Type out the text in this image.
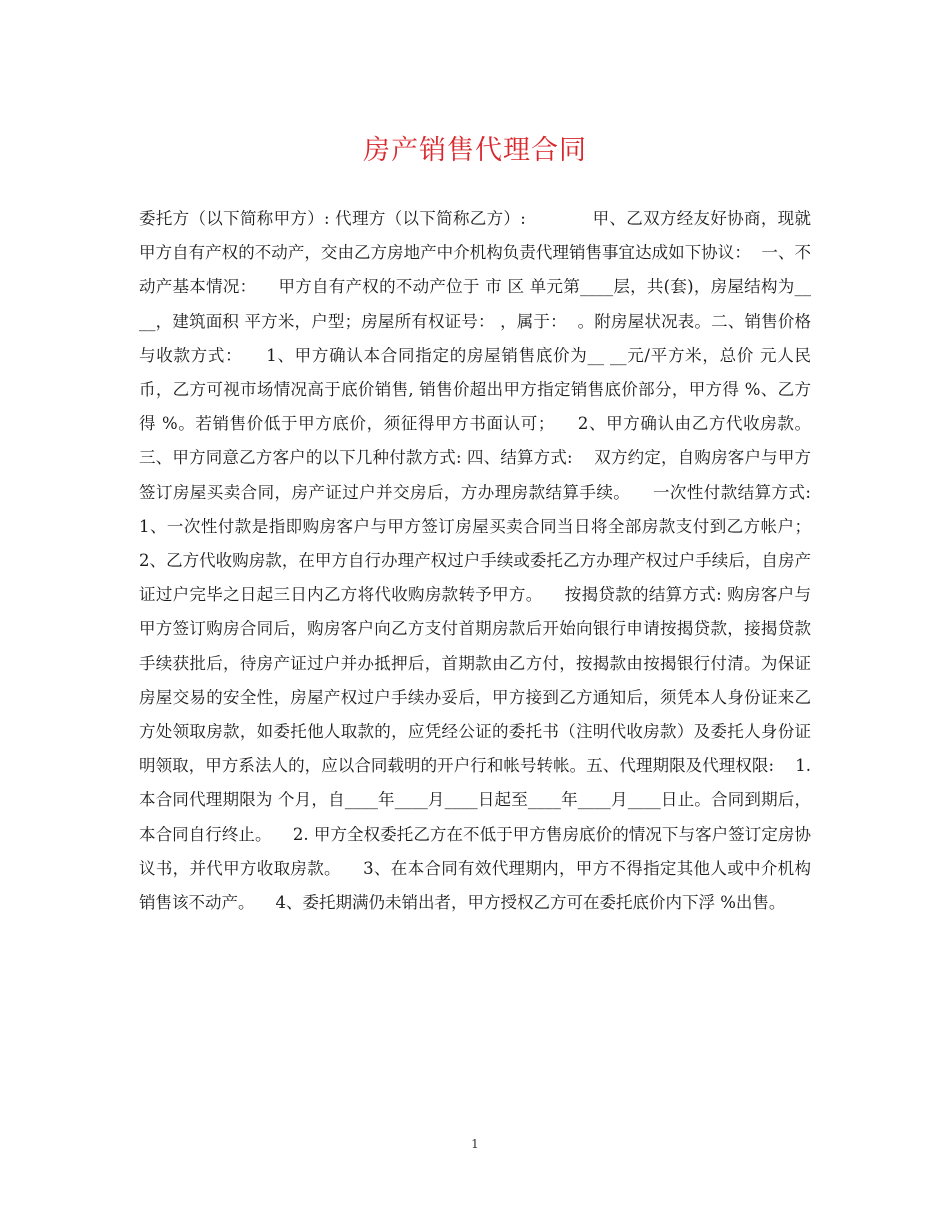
房产销售代理合同

委托方（以下简称甲方）: 代理方（以下简称乙方）:            甲、乙双方经友好协商，现就甲方自有产权的不动产，交由乙方房地产中介机构负责代理销售事宜达成如下协议：  一、不动产基本情况：    甲方自有产权的不动产位于 市 区 单元第____层，共(套)，房屋结构为__ __，建筑面积 平方米，户型；房屋所有权证号： ，属于：  。附房屋状况表。二、销售价格与收款方式：    1、甲方确认本合同指定的房屋销售底价为__ __元/平方米，总价 元人民币，乙方可视市场情况高于底价销售, 销售价超出甲方指定销售底价部分，甲方得 %、乙方得 %。若销售价低于甲方底价，须征得甲方书面认可；    2、甲方确认由乙方代收房款。三、甲方同意乙方客户的以下几种付款方式: 四、结算方式:    双方约定，自购房客户与甲方签订房屋买卖合同，房产证过户并交房后，方办理房款结算手续。    一次性付款结算方式:    1、一次性付款是指即购房客户与甲方签订房屋买卖合同当日将全部房款支付到乙方帐户；    2、乙方代收购房款，在甲方自行办理产权过户手续或委托乙方办理产权过户手续后，自房产证过户完毕之日起三日内乙方将代收购房款转予甲方。    按揭贷款的结算方式: 购房客户与甲方签订购房合同后，购房客户向乙方支付首期房款后开始向银行申请按揭贷款，接揭贷款手续获批后，待房产证过户并办抵押后，首期款由乙方付，按揭款由按揭银行付清。为保证房屋交易的安全性，房屋产权过户手续办妥后，甲方接到乙方通知后，须凭本人身份证来乙方处领取房款，如委托他人取款的，应凭经公证的委托书（注明代收房款）及委托人身份证明领取，甲方系法人的，应以合同载明的开户行和帐号转帐。五、代理期限及代理权限:    1.本合同代理期限为 个月，自____年____月____日起至____年____月____日止。合同到期后，本合同自行终止。    2. 甲方全权委托乙方在不低于甲方售房底价的情况下与客户签订定房协议书，并代甲方收取房款。    3、在本合同有效代理期内，甲方不得指定其他人或中介机构销售该不动产。    4、委托期满仍未销出者，甲方授权乙方可在委托底价内下浮 %出售。

1
